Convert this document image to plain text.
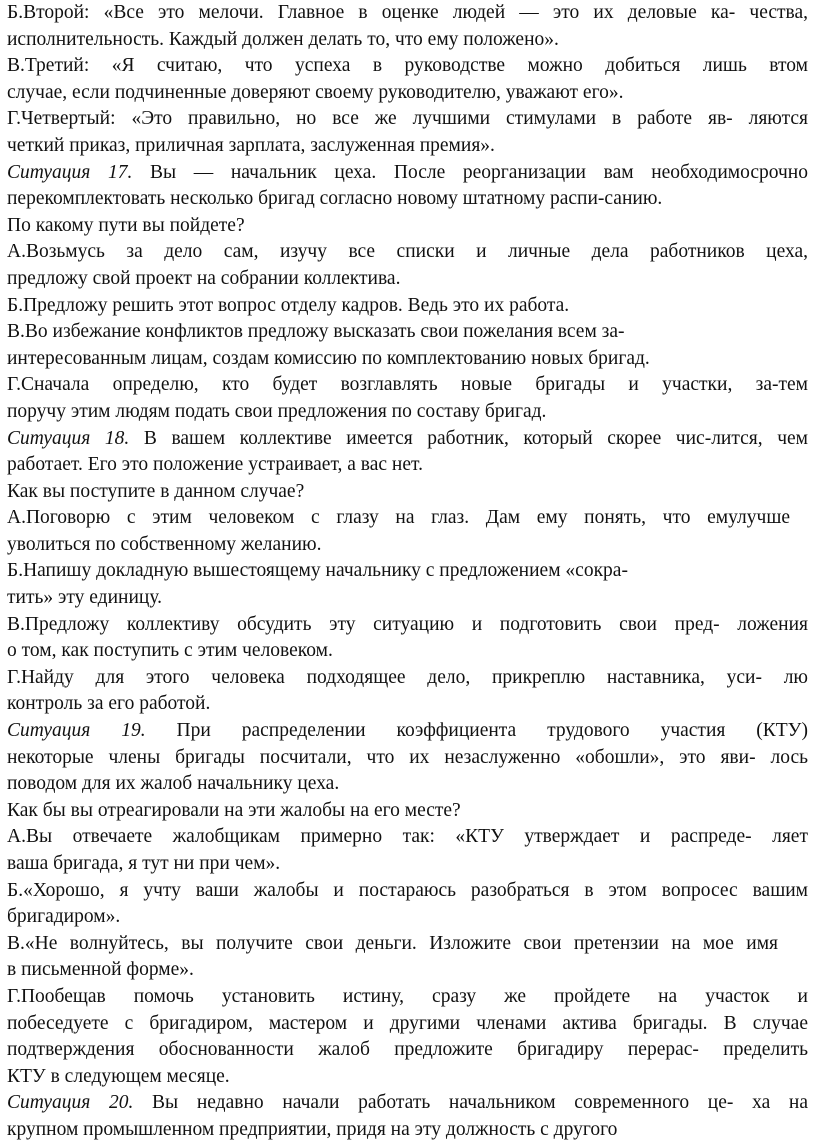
Б.Второй: «Все это мелочи. Главное в оценке людей — это их деловые ка- чества,
исполнительность. Каждый должен делать то, что ему положено».
В.Третий: «Я считаю, что успеха в руководстве можно добиться лишь втом
случае, если подчиненные доверяют своему руководителю, уважают его».
Г.Четвертый: «Это правильно, но все же лучшими стимулами в работе яв- ляются
четкий приказ, приличная зарплата, заслуженная премия».
Ситуация 17. Вы — начальник цеха. После реорганизации вам необходимосрочно
перекомплектовать несколько бригад согласно новому штатному распи-санию.
По какому пути вы пойдете?
А.Возьмусь за дело сам, изучу все списки и личные дела работников цеха,
предложу свой проект на собрании коллектива.
Б.Предложу решить этот вопрос отделу кадров. Ведь это их работа.
В.Во избежание конфликтов предложу высказать свои пожелания всем за-
интересованным лицам, создам комиссию по комплектованию новых бригад.
Г.Сначала определю, кто будет возглавлять новые бригады и участки, за-тем
поручу этим людям подать свои предложения по составу бригад.
Ситуация 18. В вашем коллективе имеется работник, который скорее чис-лится, чем
работает. Его это положение устраивает, а вас нет.
Как вы поступите в данном случае?
А.Поговорю с этим человеком с глазу на глаз. Дам ему понять, что емулучше
уволиться по собственному желанию.
Б.Напишу докладную вышестоящему начальнику с предложением «сокра-
тить» эту единицу.
В.Предложу коллективу обсудить эту ситуацию и подготовить свои пред- ложения
о том, как поступить с этим человеком.
Г.Найду для этого человека подходящее дело, прикреплю наставника, уси- лю
контроль за его работой.
Ситуация 19. При распределении коэффициента трудового участия (КТУ)
некоторые члены бригады посчитали, что их незаслуженно «обошли», это яви- лось
поводом для их жалоб начальнику цеха.
Как бы вы отреагировали на эти жалобы на его месте?
А.Вы отвечаете жалобщикам примерно так: «КТУ утверждает и распреде- ляет
ваша бригада, я тут ни при чем».
Б.«Хорошо, я учту ваши жалобы и постараюсь разобраться в этом вопросес вашим
бригадиром».
В.«Не волнуйтесь, вы получите свои деньги. Изложите свои претензии на мое имя
в письменной форме».
Г.Пообещав помочь установить истину, сразу же пройдете на участок и
побеседуете с бригадиром, мастером и другими членами актива бригады. В случае
подтверждения обоснованности жалоб предложите бригадиру перерас- пределить
КТУ в следующем месяце.
Ситуация 20. Вы недавно начали работать начальником современного це- ха на
крупном промышленном предприятии, придя на эту должность с другого
